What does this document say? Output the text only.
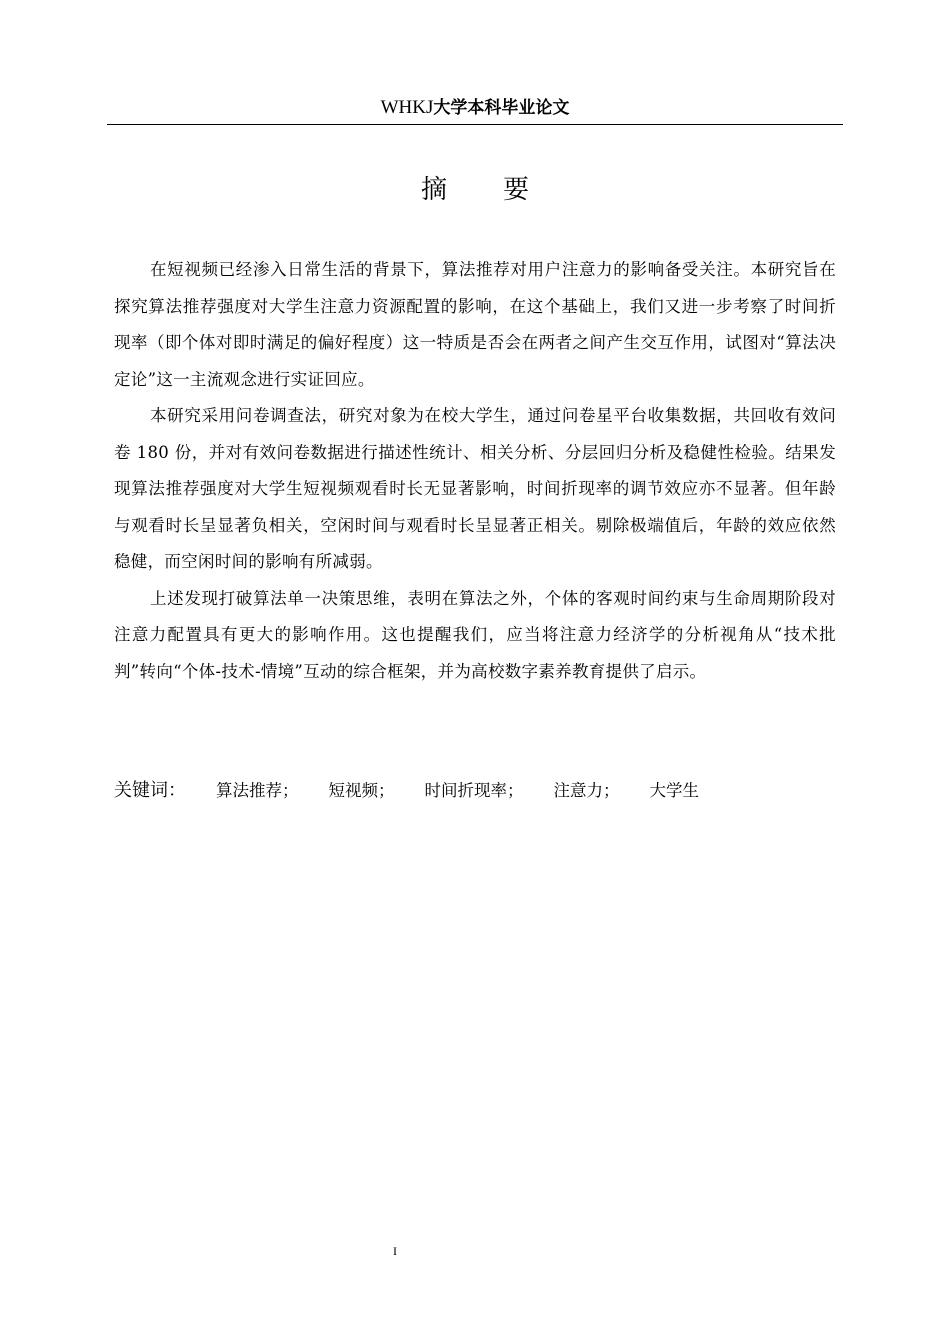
WHKJ大学本科毕业论文
摘要

在短视频已经渗入日常生活的背景下，算法推荐对用户注意力的影响备受关注。本研究旨在探究算法推荐强度对大学生注意力资源配置的影响，在这个基础上，我们又进一步考察了时间折现率（即个体对即时满足的偏好程度）这一特质是否会在两者之间产生交互作用，试图对“算法决定论”这一主流观念进行实证回应。

本研究采用问卷调查法，研究对象为在校大学生，通过问卷星平台收集数据，共回收有效问卷 180 份，并对有效问卷数据进行描述性统计、相关分析、分层回归分析及稳健性检验。结果发现算法推荐强度对大学生短视频观看时长无显著影响，时间折现率的调节效应亦不显著。但年龄与观看时长呈显著负相关，空闲时间与观看时长呈显著正相关。剔除极端值后，年龄的效应依然稳健，而空闲时间的影响有所减弱。

上述发现打破算法单一决策思维，表明在算法之外，个体的客观时间约束与生命周期阶段对注意力配置具有更大的影响作用。这也提醒我们，应当将注意力经济学的分析视角从“技术批判”转向“个体-技术-情境”互动的综合框架，并为高校数字素养教育提供了启示。

关键词： 算法推荐； 短视频； 时间折现率； 注意力； 大学生
I
